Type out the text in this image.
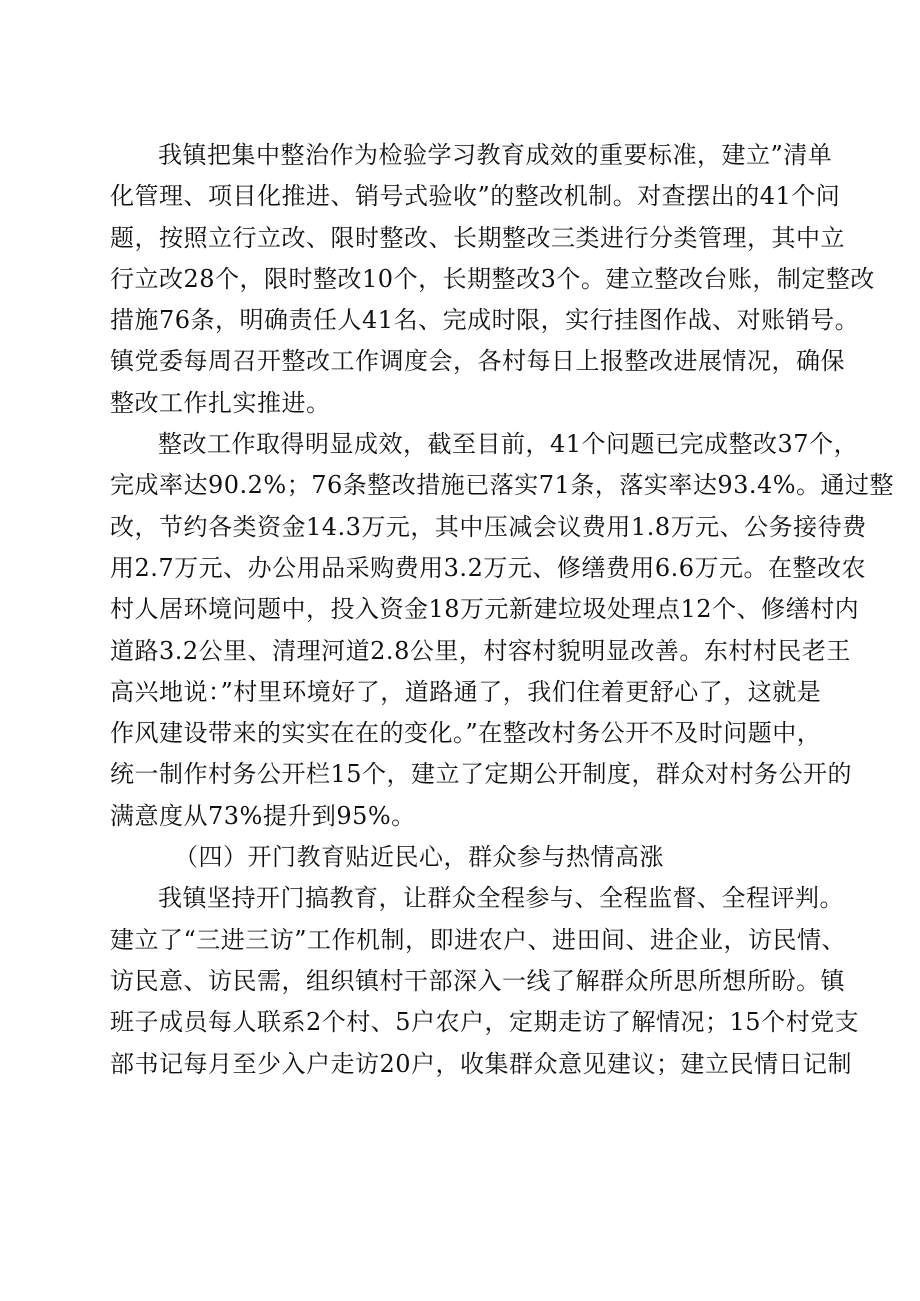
我镇把集中整治作为检验学习教育成效的重要标准，建立”清单
化管理、项目化推进、销号式验收”的整改机制。对查摆出的41个问
题，按照立行立改、限时整改、长期整改三类进行分类管理，其中立
行立改28个，限时整改10个，长期整改3个。建立整改台账，制定整改
措施76条，明确责任人41名、完成时限，实行挂图作战、对账销号。
镇党委每周召开整改工作调度会，各村每日上报整改进展情况，确保
整改工作扎实推进。
整改工作取得明显成效，截至目前，41个问题已完成整改37个，
完成率达90.2%；76条整改措施已落实71条，落实率达93.4%。通过整
改，节约各类资金14.3万元，其中压减会议费用1.8万元、公务接待费
用2.7万元、办公用品采购费用3.2万元、修缮费用6.6万元。在整改农
村人居环境问题中，投入资金18万元新建垃圾处理点12个、修缮村内
道路3.2公里、清理河道2.8公里，村容村貌明显改善。东村村民老王
高兴地说：”村里环境好了，道路通了，我们住着更舒心了，这就是
作风建设带来的实实在在的变化。”在整改村务公开不及时问题中，
统一制作村务公开栏15个，建立了定期公开制度，群众对村务公开的
满意度从73%提升到95%。
（四）开门教育贴近民心，群众参与热情高涨
我镇坚持开门搞教育，让群众全程参与、全程监督、全程评判。
建立了“三进三访”工作机制，即进农户、进田间、进企业，访民情、
访民意、访民需，组织镇村干部深入一线了解群众所思所想所盼。镇
班子成员每人联系2个村、5户农户，定期走访了解情况；15个村党支
部书记每月至少入户走访20户，收集群众意见建议；建立民情日记制
